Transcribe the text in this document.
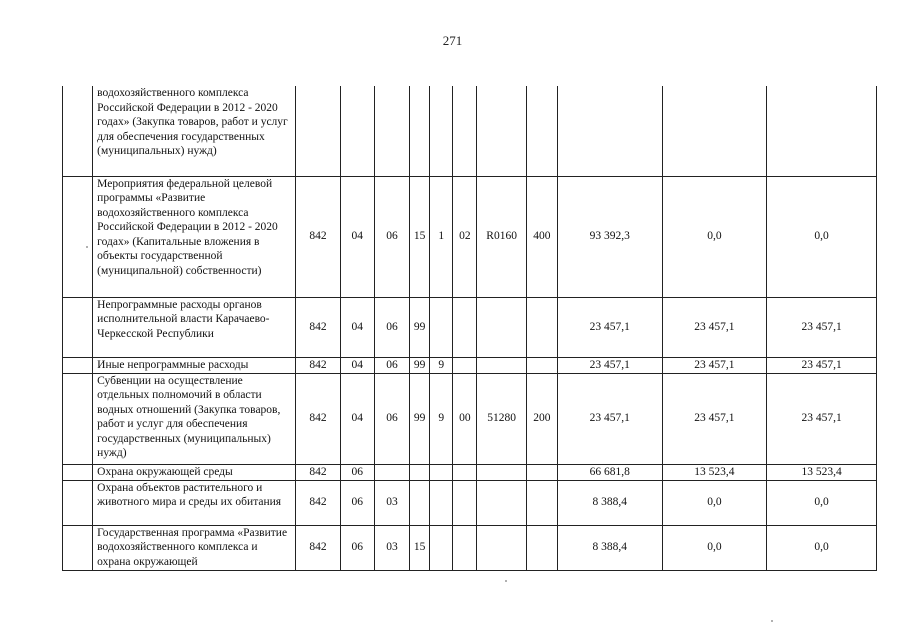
271
	водохозяйственного комплекса Российской Федерации в 2012 - 2020 годах» (Закупка товаров, работ и услуг для обеспечения государственных (муниципальных) нужд)											
	Мероприятия федеральной целевой программы «Развитие водохозяйственного комплекса Российской Федерации в 2012 - 2020 годах» (Капитальные вложения в объекты государственной (муниципальной) собственности)	842	04	06	15	1	02	R0160	400	93 392,3	0,0	0,0
	Непрограммные расходы органов исполнительной власти Карачаево-Черкесской Республики	842	04	06	99					23 457,1	23 457,1	23 457,1
	Иные непрограммные расходы	842	04	06	99	9				23 457,1	23 457,1	23 457,1
	Субвенции на осуществление отдельных полномочий в области водных отношений (Закупка товаров, работ и услуг для обеспечения государственных (муниципальных) нужд)	842	04	06	99	9	00	51280	200	23 457,1	23 457,1	23 457,1
	Охрана окружающей среды	842	06							66 681,8	13 523,4	13 523,4
	Охрана объектов растительного и животного мира и среды их обитания	842	06	03						8 388,4	0,0	0,0
	Государственная программа «Развитие водохозяйственного комплекса и охрана окружающей	842	06	03	15					8 388,4	0,0	0,0
